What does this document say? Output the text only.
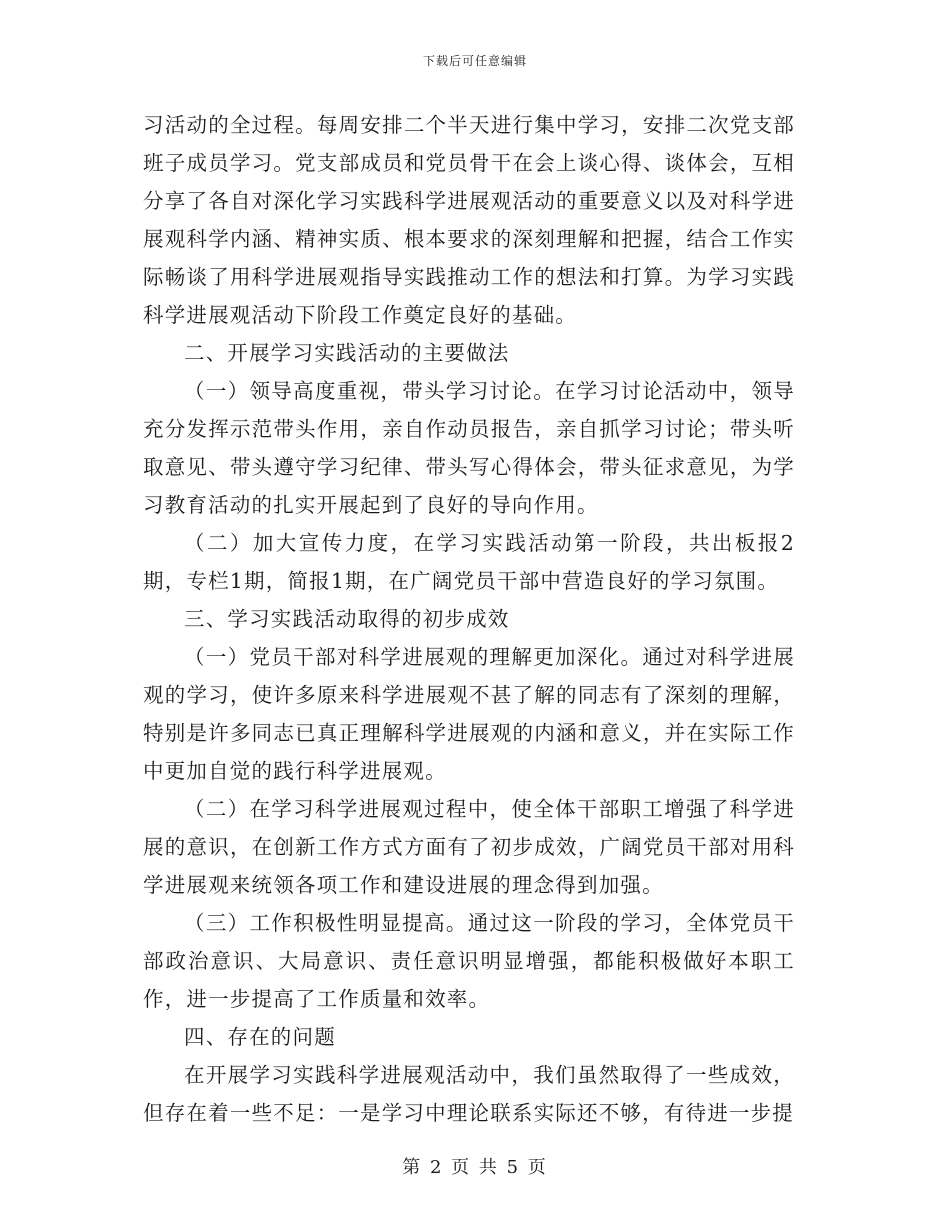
下载后可任意编辑

习活动的全过程。每周安排二个半天进行集中学习，安排二次党支部班子成员学习。党支部成员和党员骨干在会上谈心得、谈体会，互相分享了各自对深化学习实践科学进展观活动的重要意义以及对科学进展观科学内涵、精神实质、根本要求的深刻理解和把握，结合工作实际畅谈了用科学进展观指导实践推动工作的想法和打算。为学习实践科学进展观活动下阶段工作奠定良好的基础。

二、开展学习实践活动的主要做法

（一）领导高度重视，带头学习讨论。在学习讨论活动中，领导充分发挥示范带头作用，亲自作动员报告，亲自抓学习讨论；带头听取意见、带头遵守学习纪律、带头写心得体会，带头征求意见，为学习教育活动的扎实开展起到了良好的导向作用。

（二）加大宣传力度，在学习实践活动第一阶段，共出板报2期，专栏1期，简报1期，在广阔党员干部中营造良好的学习氛围。

三、学习实践活动取得的初步成效

（一）党员干部对科学进展观的理解更加深化。通过对科学进展观的学习，使许多原来科学进展观不甚了解的同志有了深刻的理解，特别是许多同志已真正理解科学进展观的内涵和意义，并在实际工作中更加自觉的践行科学进展观。

（二）在学习科学进展观过程中，使全体干部职工增强了科学进展的意识，在创新工作方式方面有了初步成效，广阔党员干部对用科学进展观来统领各项工作和建设进展的理念得到加强。

（三）工作积极性明显提高。通过这一阶段的学习，全体党员干部政治意识、大局意识、责任意识明显增强，都能积极做好本职工作，进一步提高了工作质量和效率。

四、存在的问题

在开展学习实践科学进展观活动中，我们虽然取得了一些成效，但存在着一些不足：一是学习中理论联系实际还不够，有待进一步提

第 2 页 共 5 页
